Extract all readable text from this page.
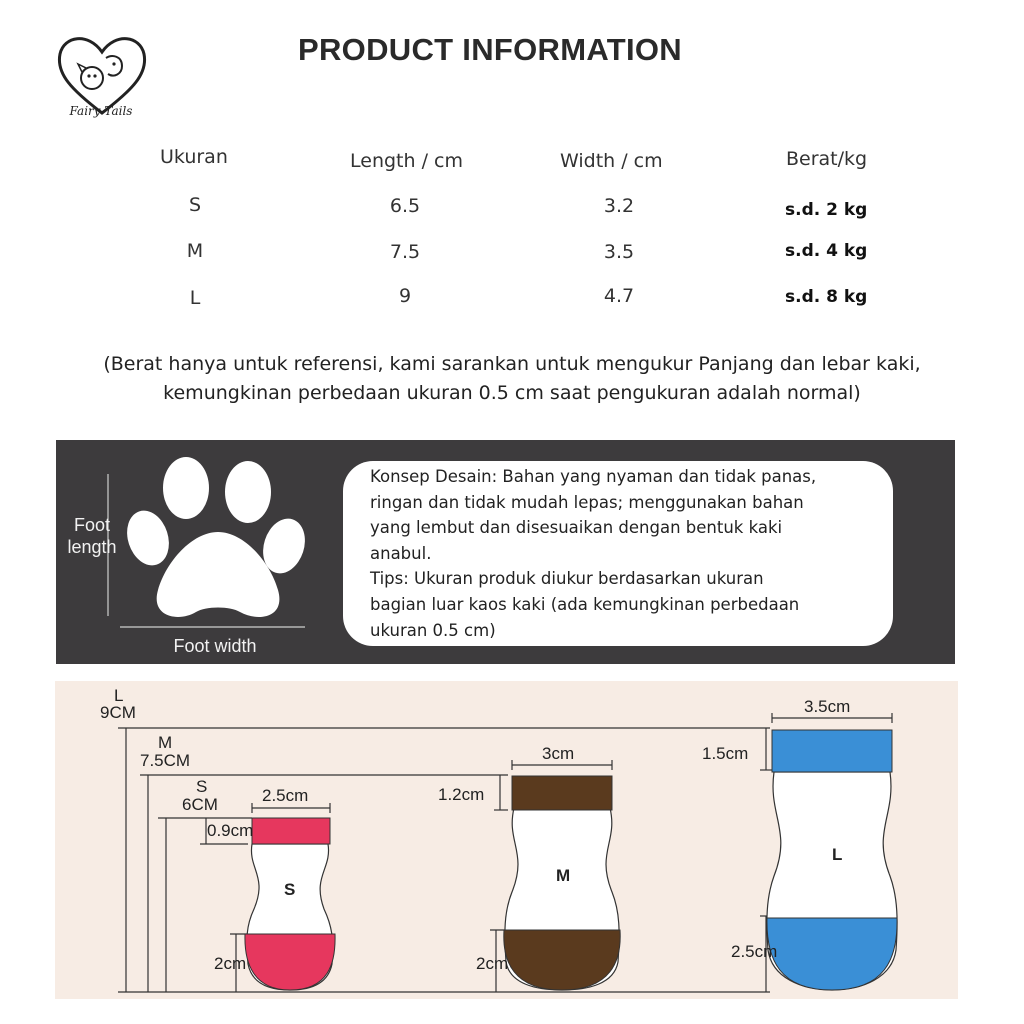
Fairy Tails
PRODUCT INFORMATION
Ukuran	Length / cm	Width / cm	Berat/kg
S	6.5	3.2	s.d. 2 kg
M	7.5	3.5	s.d. 4 kg
L	9	4.7	s.d. 8 kg
(Berat hanya untuk referensi, kami sarankan untuk mengukur Panjang dan lebar kaki,
kemungkinan perbedaan ukuran 0.5 cm saat pengukuran adalah normal)
Foot
length
Foot width
Konsep Desain: Bahan yang nyaman dan tidak panas,
ringan dan tidak mudah lepas; menggunakan bahan
yang lembut dan disesuaikan dengan bentuk kaki
anabul.
Tips: Ukuran produk diukur berdasarkan ukuran
bagian luar kaos kaki (ada kemungkinan perbedaan
ukuran 0.5 cm)
L
9CM
M
7.5CM
S
6CM	2.5cm
0.9cm
2cm
S
3cm
1.2cm
2cm
M
3.5cm
1.5cm
2.5cm
L
